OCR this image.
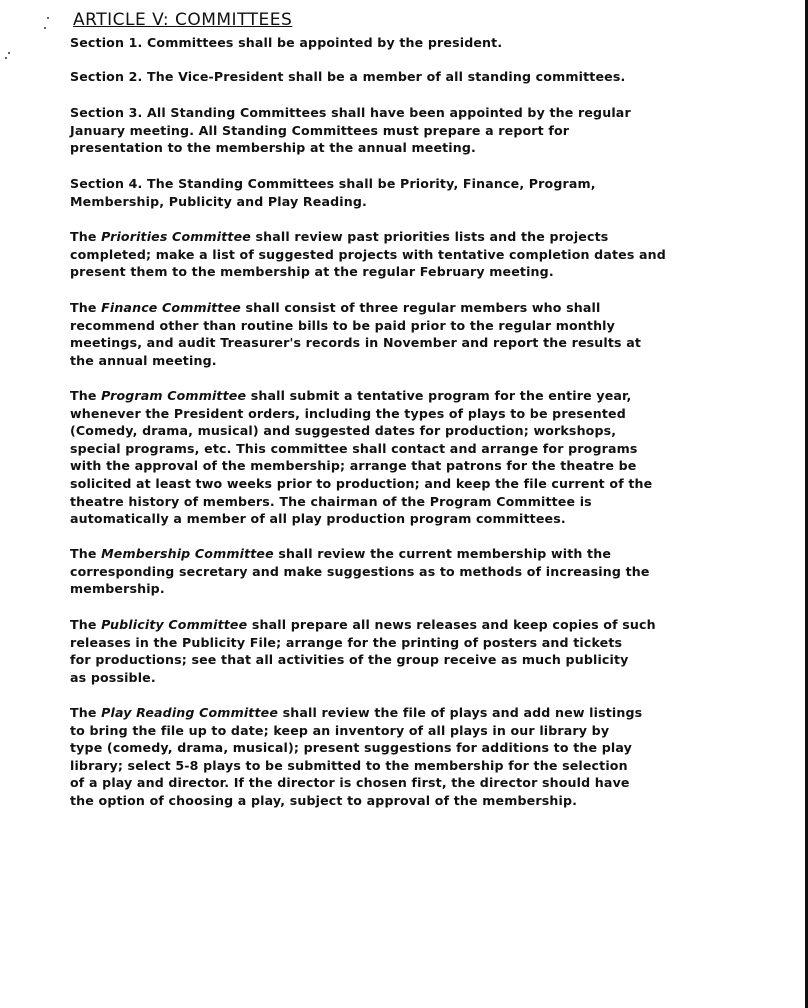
ARTICLE V: COMMITTEES
Section 1. Committees shall be appointed by the president.
Section 2. The Vice-President shall be a member of all standing committees.
Section 3. All Standing Committees shall have been appointed by the regular
January meeting. All Standing Committees must prepare a report for
presentation to the membership at the annual meeting.
Section 4. The Standing Committees shall be Priority, Finance, Program,
Membership, Publicity and Play Reading.
The Priorities Committee shall review past priorities lists and the projects
completed; make a list of suggested projects with tentative completion dates and
present them to the membership at the regular February meeting.
The Finance Committee shall consist of three regular members who shall
recommend other than routine bills to be paid prior to the regular monthly
meetings, and audit Treasurer's records in November and report the results at
the annual meeting.
The Program Committee shall submit a tentative program for the entire year,
whenever the President orders, including the types of plays to be presented
(Comedy, drama, musical) and suggested dates for production; workshops,
special programs, etc. This committee shall contact and arrange for programs
with the approval of the membership; arrange that patrons for the theatre be
solicited at least two weeks prior to production; and keep the file current of the
theatre history of members. The chairman of the Program Committee is
automatically a member of all play production program committees.
The Membership Committee shall review the current membership with the
corresponding secretary and make suggestions as to methods of increasing the
membership.
The Publicity Committee shall prepare all news releases and keep copies of such
releases in the Publicity File; arrange for the printing of posters and tickets
for productions; see that all activities of the group receive as much publicity
as possible.
The Play Reading Committee shall review the file of plays and add new listings
to bring the file up to date; keep an inventory of all plays in our library by
type (comedy, drama, musical); present suggestions for additions to the play
library; select 5-8 plays to be submitted to the membership for the selection
of a play and director. If the director is chosen first, the director should have
the option of choosing a play, subject to approval of the membership.
